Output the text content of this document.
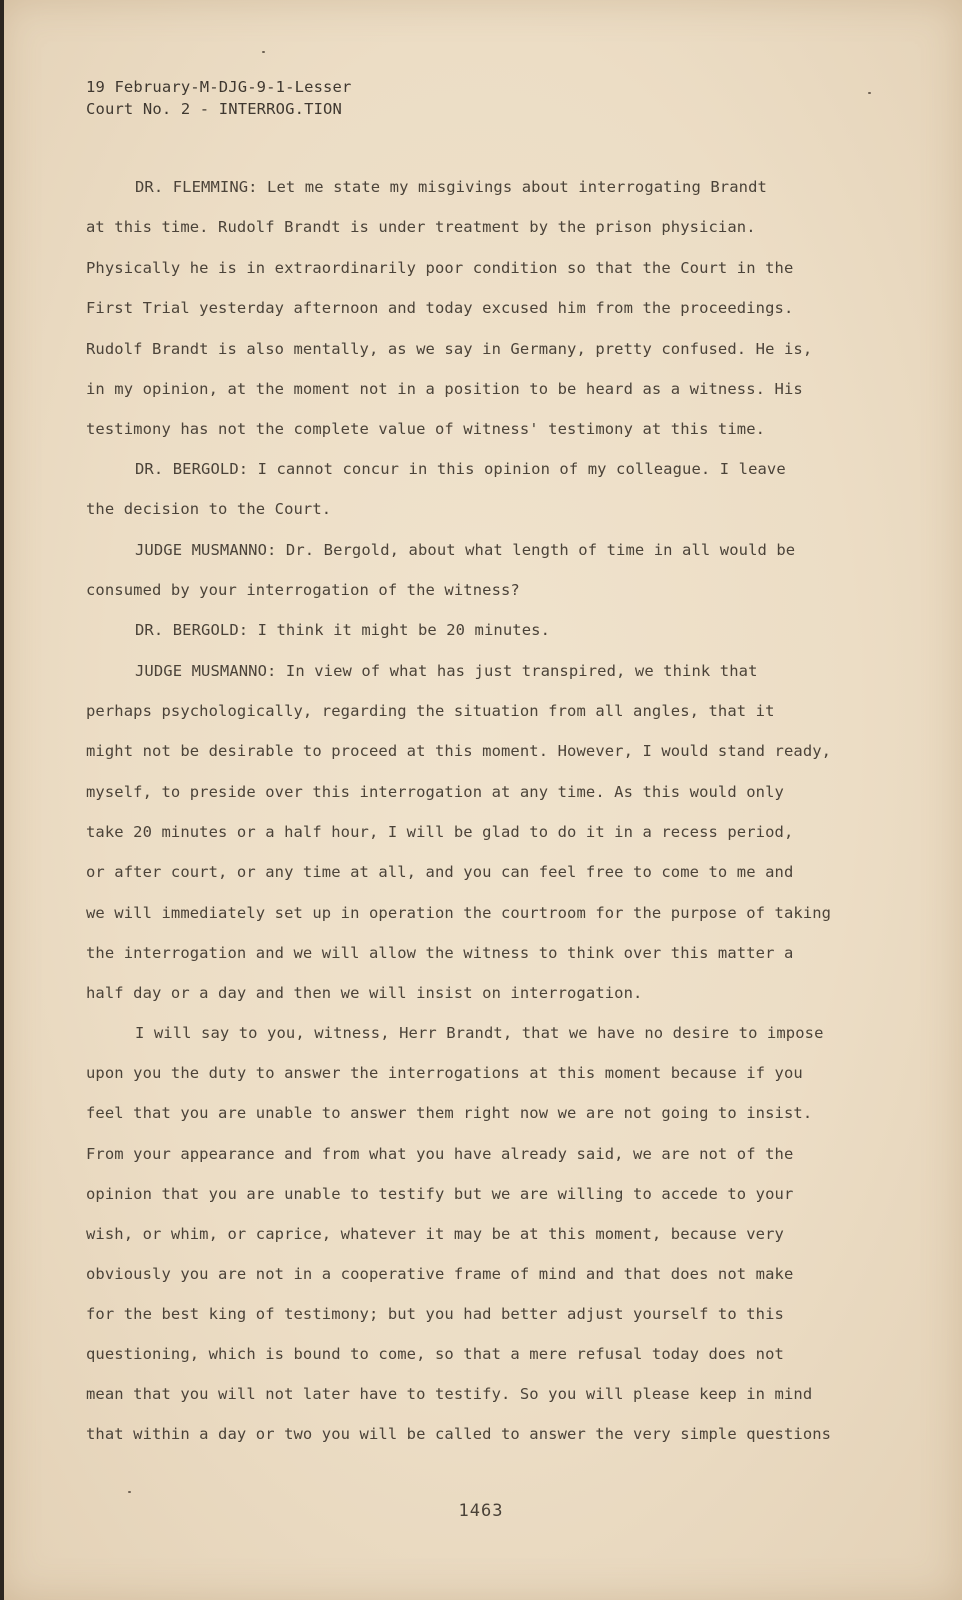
19 February-M-DJG-9-1-Lesser
Court No. 2 - INTERROG.TION
DR. FLEMMING: Let me state my misgivings about interrogating Brandt
at this time. Rudolf Brandt is under treatment by the prison physician.
Physically he is in extraordinarily poor condition so that the Court in the
First Trial yesterday afternoon and today excused him from the proceedings.
Rudolf Brandt is also mentally, as we say in Germany, pretty confused. He is,
in my opinion, at the moment not in a position to be heard as a witness. His
testimony has not the complete value of witness' testimony at this time.
DR. BERGOLD: I cannot concur in this opinion of my colleague. I leave
the decision to the Court.
JUDGE MUSMANNO: Dr. Bergold, about what length of time in all would be
consumed by your interrogation of the witness?
DR. BERGOLD: I think it might be 20 minutes.
JUDGE MUSMANNO: In view of what has just transpired, we think that
perhaps psychologically, regarding the situation from all angles, that it
might not be desirable to proceed at this moment. However, I would stand ready,
myself, to preside over this interrogation at any time. As this would only
take 20 minutes or a half hour, I will be glad to do it in a recess period,
or after court, or any time at all, and you can feel free to come to me and
we will immediately set up in operation the courtroom for the purpose of taking
the interrogation and we will allow the witness to think over this matter a
half day or a day and then we will insist on interrogation.
I will say to you, witness, Herr Brandt, that we have no desire to impose
upon you the duty to answer the interrogations at this moment because if you
feel that you are unable to answer them right now we are not going to insist.
From your appearance and from what you have already said, we are not of the
opinion that you are unable to testify but we are willing to accede to your
wish, or whim, or caprice, whatever it may be at this moment, because very
obviously you are not in a cooperative frame of mind and that does not make
for the best king of testimony; but you had better adjust yourself to this
questioning, which is bound to come, so that a mere refusal today does not
mean that you will not later have to testify. So you will please keep in mind
that within a day or two you will be called to answer the very simple questions
1463
